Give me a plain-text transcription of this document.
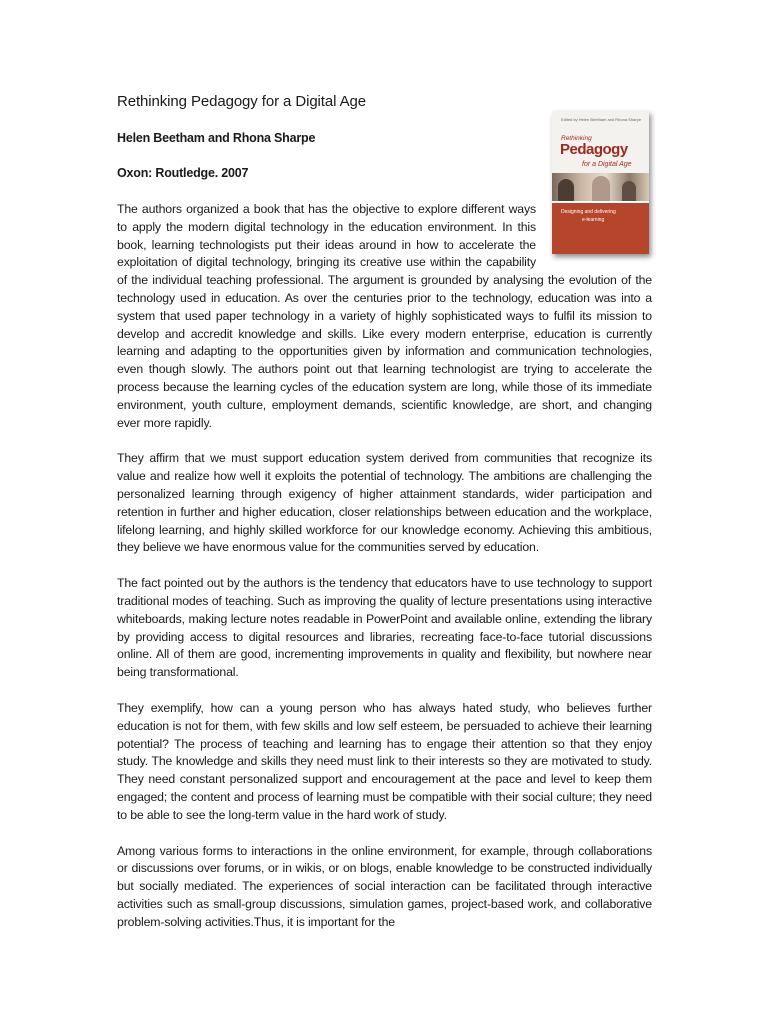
Rethinking Pedagogy for a Digital Age
Helen Beetham and Rhona Sharpe
Oxon: Routledge. 2007
Edited by Helen Beetham and Rhona Sharpe
Rethinking
Pedagogy
for a Digital Age
Designing and delivering
e-learning

The authors organized a book that has the objective to explore different ways to apply the modern digital technology in the education environment. In this book, learning technologists put their ideas around in how to accelerate the exploitation of digital technology, bringing its creative use within the capability of the individual teaching professional. The argument is grounded by analysing the evolution of the technology used in education. As over the centuries prior to the technology, education was into a system that used paper technology in a variety of highly sophisticated ways to fulfil its mission to develop and accredit knowledge and skills. Like every modern enterprise, education is currently learning and adapting to the opportunities given by information and communication technologies, even though slowly. The authors point out that learning technologist are trying to accelerate the process because the learning cycles of the education system are long, while those of its immediate environment, youth culture, employment demands, scientific knowledge, are short, and changing ever more rapidly.

They affirm that we must support education system derived from communities that recognize its value and realize how well it exploits the potential of technology. The ambitions are challenging the personalized learning through exigency of higher attainment standards, wider participation and retention in further and higher education, closer relationships between education and the workplace, lifelong learning, and highly skilled workforce for our knowledge economy. Achieving this ambitious, they believe we have enormous value for the communities served by education.

The fact pointed out by the authors is the tendency that educators have to use technology to support traditional modes of teaching. Such as improving the quality of lecture presentations using interactive whiteboards, making lecture notes readable in PowerPoint and available online, extending the library by providing access to digital resources and libraries, recreating face-to-face tutorial discussions online. All of them are good, incrementing improvements in quality and flexibility, but nowhere near being transformational.

They exemplify, how can a young person who has always hated study, who believes further education is not for them, with few skills and low self esteem, be persuaded to achieve their learning potential? The process of teaching and learning has to engage their attention so that they enjoy study. The knowledge and skills they need must link to their interests so they are motivated to study. They need constant personalized support and encouragement at the pace and level to keep them engaged; the content and process of learning must be compatible with their social culture; they need to be able to see the long-term value in the hard work of study.

Among various forms to interactions in the online environment, for example, through collaborations or discussions over forums, or in wikis, or on blogs, enable knowledge to be constructed individually but socially mediated. The experiences of social interaction can be facilitated through interactive activities such as small-group discussions, simulation games, project-based work, and collaborative problem-solving activities.Thus, it is important for the
